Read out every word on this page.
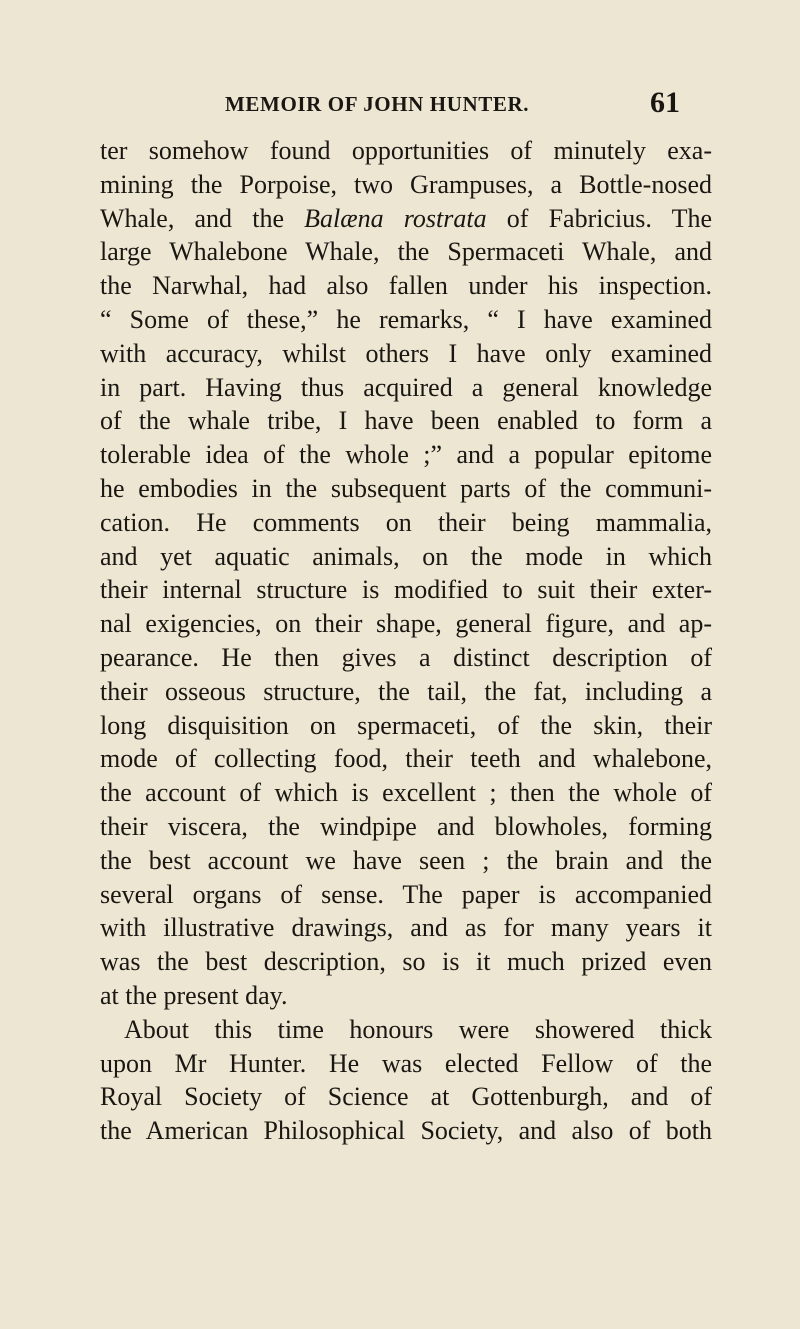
MEMOIR OF JOHN HUNTER.	61
ter somehow found opportunities of minutely exa-
mining the Porpoise, two Grampuses, a Bottle-nosed
Whale, and the Balæna rostrata of Fabricius. The
large Whalebone Whale, the Spermaceti Whale, and
the Narwhal, had also fallen under his inspection.
“ Some of these,” he remarks, “ I have examined
with accuracy, whilst others I have only examined
in part. Having thus acquired a general knowledge
of the whale tribe, I have been enabled to form a
tolerable idea of the whole ;” and a popular epitome
he embodies in the subsequent parts of the communi-
cation. He comments on their being mammalia,
and yet aquatic animals, on the mode in which
their internal structure is modified to suit their exter-
nal exigencies, on their shape, general figure, and ap-
pearance. He then gives a distinct description of
their osseous structure, the tail, the fat, including a
long disquisition on spermaceti, of the skin, their
mode of collecting food, their teeth and whalebone,
the account of which is excellent ; then the whole of
their viscera, the windpipe and blowholes, forming
the best account we have seen ; the brain and the
several organs of sense. The paper is accompanied
with illustrative drawings, and as for many years it
was the best description, so is it much prized even
at the present day.
About this time honours were showered thick
upon Mr Hunter. He was elected Fellow of the
Royal Society of Science at Gottenburgh, and of
the American Philosophical Society, and also of both
